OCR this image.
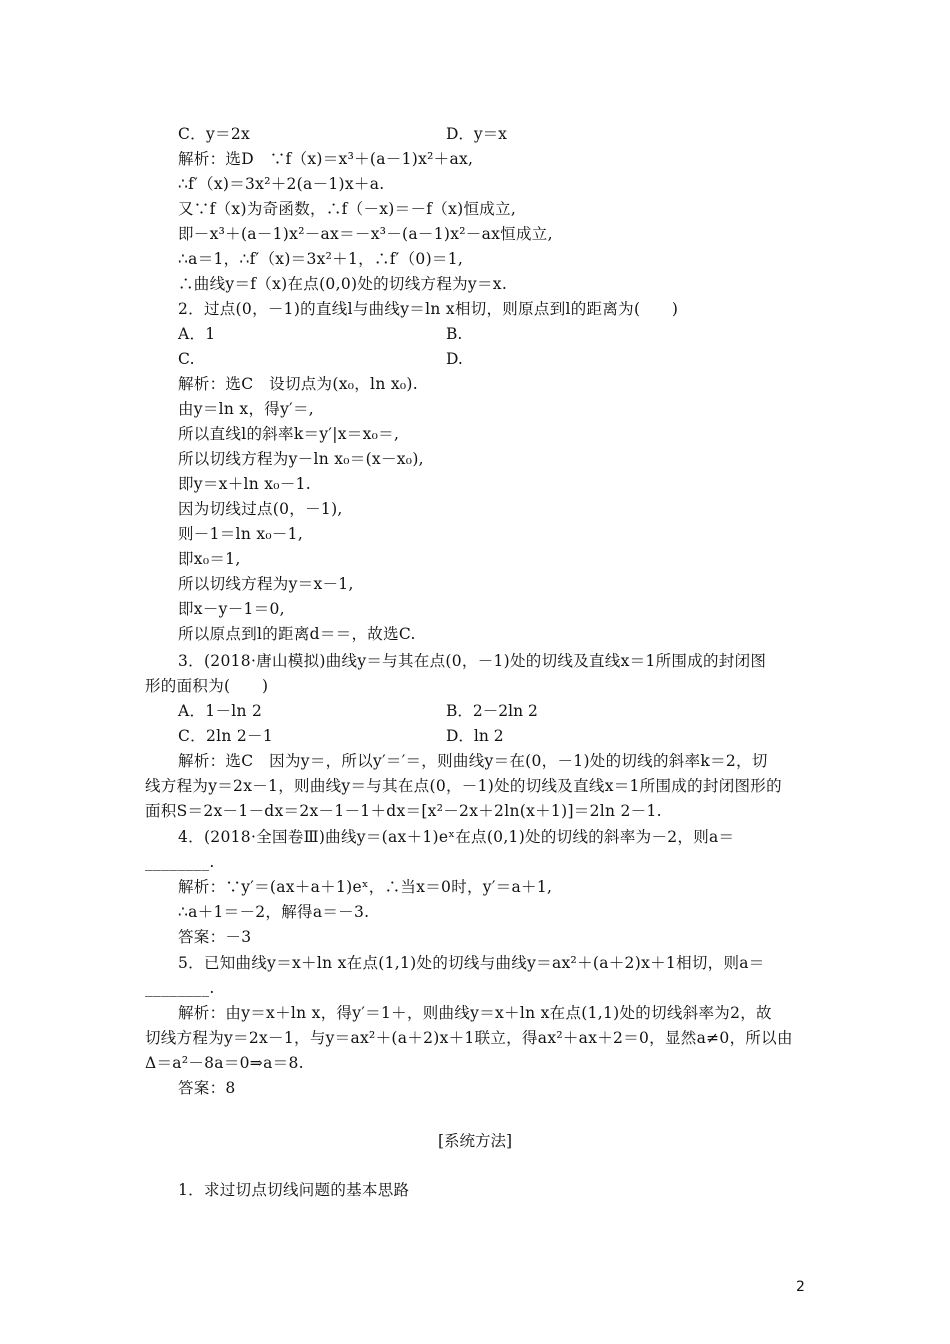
C．y＝2x	D．y＝x
解析：选D　∵f（x)＝x³＋(a－1)x²＋ax,
∴f′（x)＝3x²＋2(a－1)x＋a.
又∵f（x)为奇函数，∴f（－x)＝－f（x)恒成立,
即－x³＋(a－1)x²－ax＝－x³－(a－1)x²－ax恒成立,
∴a＝1，∴f′（x)＝3x²＋1，∴f′（0)＝1,
∴曲线y＝f（x)在点(0,0)处的切线方程为y＝x.
2．过点(0，－1)的直线l与曲线y＝ln x相切，则原点到l的距离为(　　)
A．1	B.
C.	D.
解析：选C　设切点为(x₀，ln x₀).
由y＝ln x，得y′＝,
所以直线l的斜率k＝y′|x＝x₀＝,
所以切线方程为y－ln x₀＝(x－x₀),
即y＝x＋ln x₀－1.
因为切线过点(0，－1),
则－1＝ln x₀－1,
即x₀＝1,
所以切线方程为y＝x－1,
即x－y－1＝0,
所以原点到l的距离d＝＝，故选C.
3．(2018·唐山模拟)曲线y＝与其在点(0，－1)处的切线及直线x＝1所围成的封闭图
形的面积为(　　)
A．1－ln 2	B．2－2ln 2
C．2ln 2－1	D．ln 2
解析：选C　因为y＝，所以y′＝′＝，则曲线y＝在(0，－1)处的切线的斜率k＝2，切
线方程为y＝2x－1，则曲线y＝与其在点(0，－1)处的切线及直线x＝1所围成的封闭图形的
面积S＝2x－1－dx＝2x－1－1＋dx＝[x²－2x＋2ln(x＋1)]＝2ln 2－1.
4．(2018·全国卷Ⅲ)曲线y＝(ax＋1)eˣ在点(0,1)处的切线的斜率为－2，则a＝
________.
解析：∵y′＝(ax＋a＋1)eˣ，∴当x＝0时，y′＝a＋1,
∴a＋1＝－2，解得a＝－3.
答案：－3
5．已知曲线y＝x＋ln x在点(1,1)处的切线与曲线y＝ax²＋(a＋2)x＋1相切，则a＝
________.
解析：由y＝x＋ln x，得y′＝1＋，则曲线y＝x＋ln x在点(1,1)处的切线斜率为2，故
切线方程为y＝2x－1，与y＝ax²＋(a＋2)x＋1联立，得ax²＋ax＋2＝0，显然a≠0，所以由
Δ＝a²－8a＝0⇒a＝8.
答案：8
[系统方法]
1．求过切点切线问题的基本思路
2
